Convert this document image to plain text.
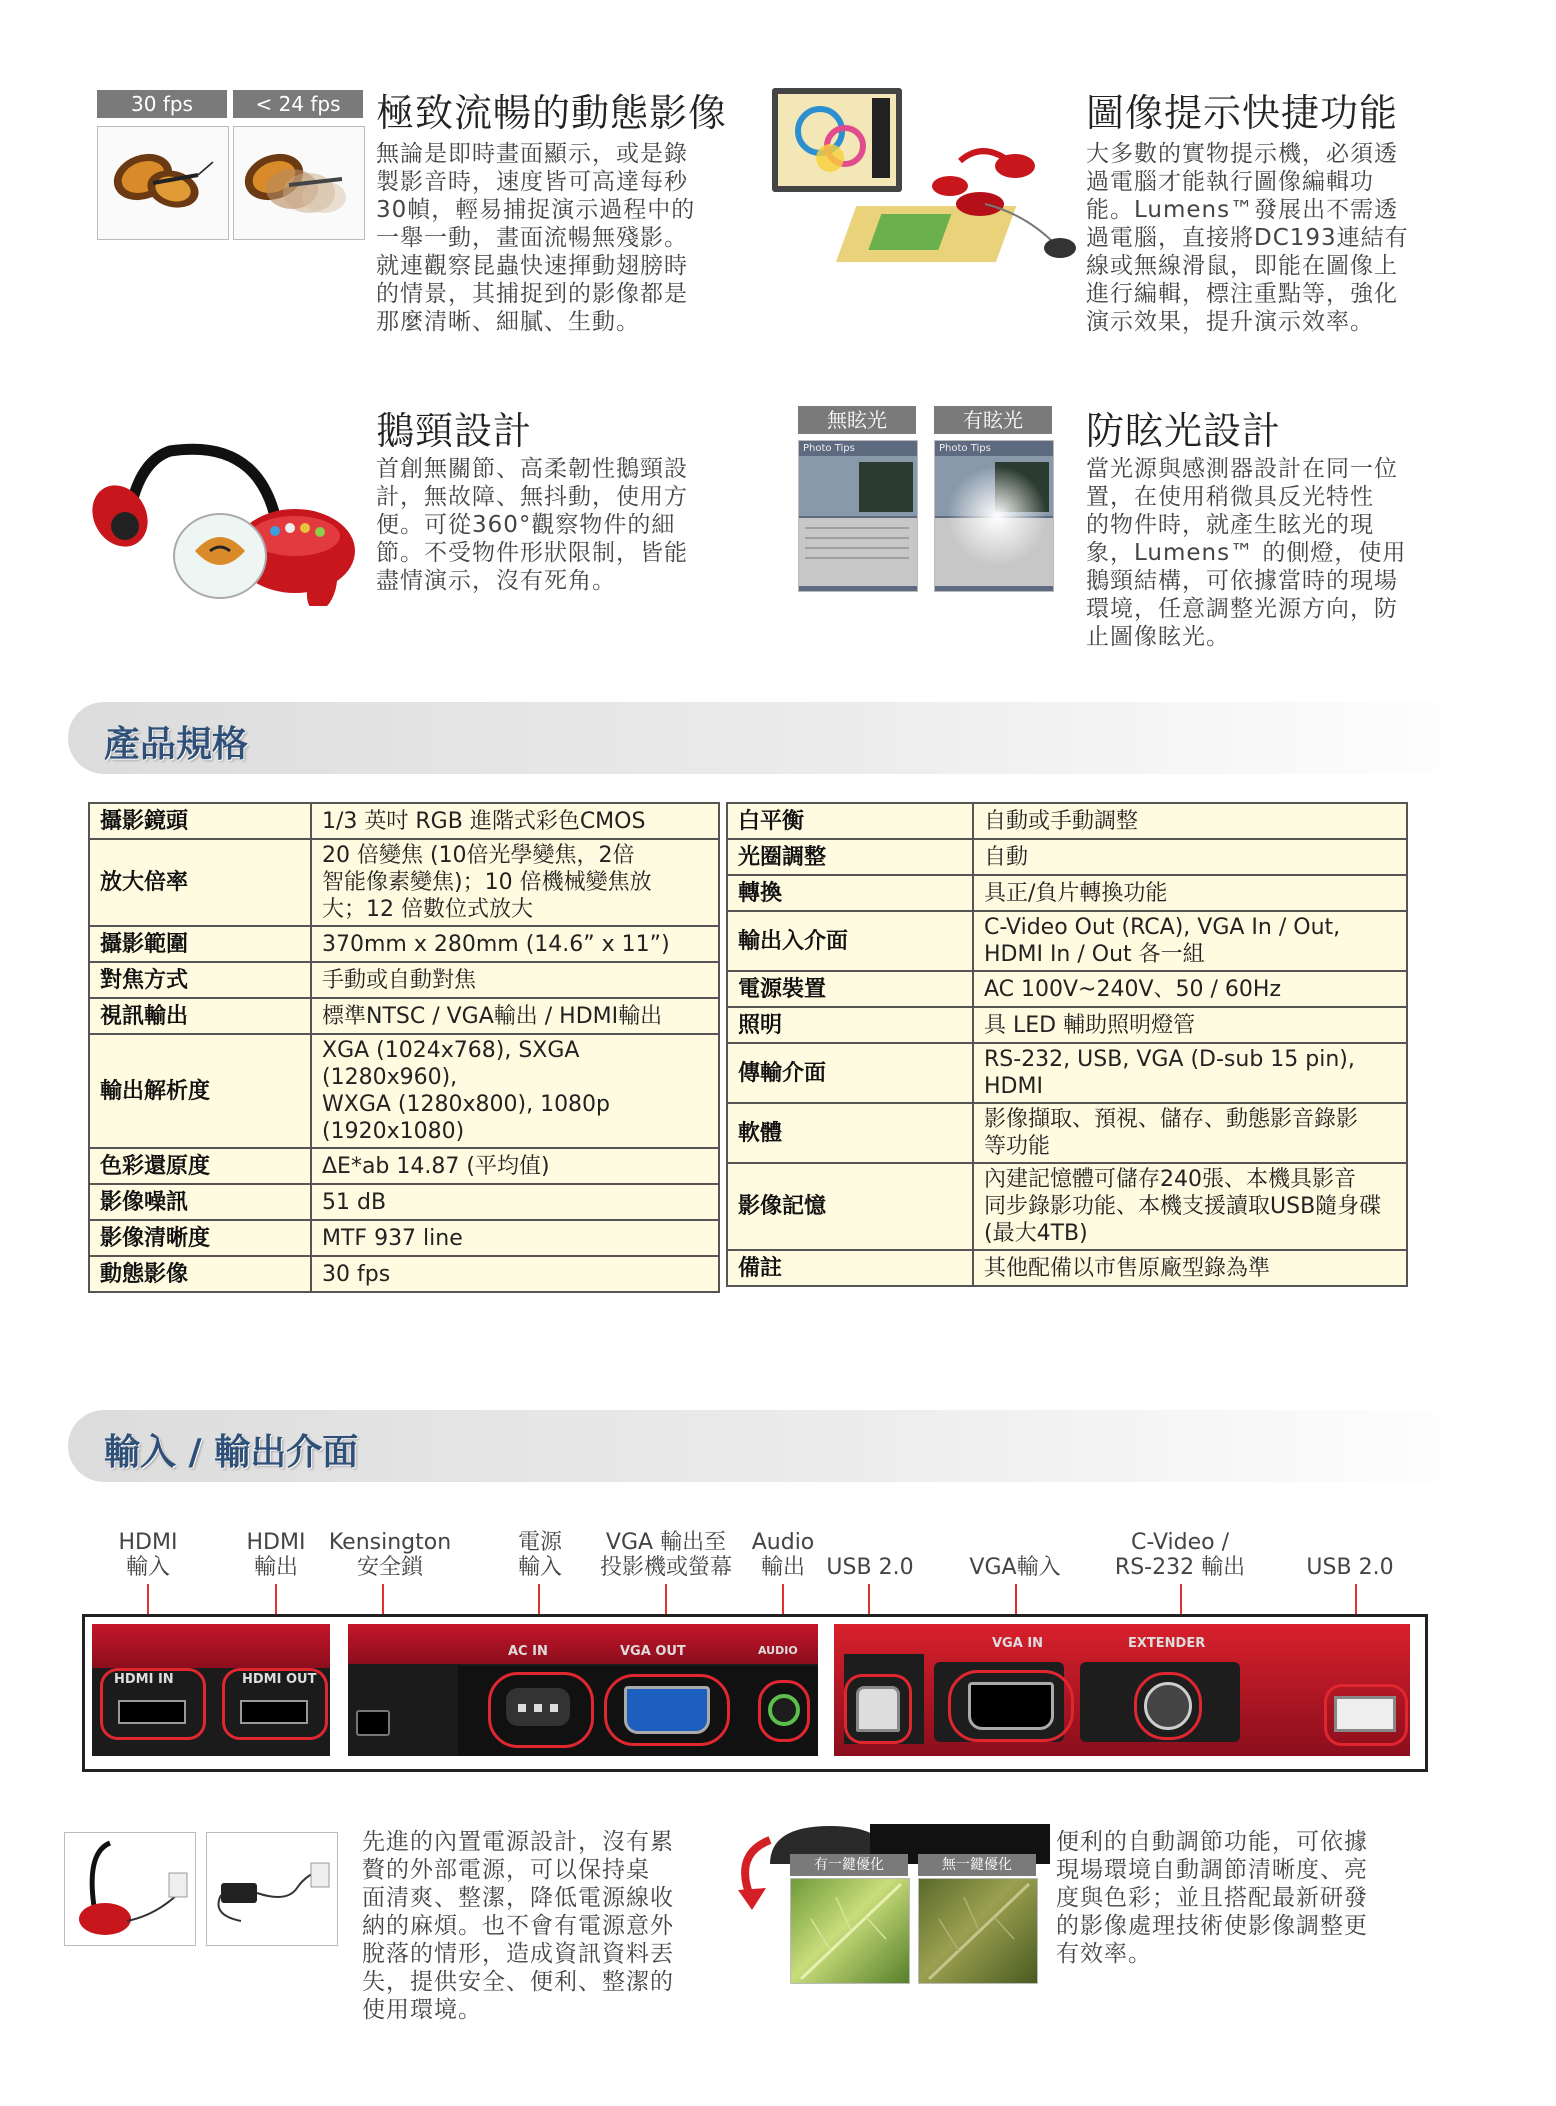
30 fps	< 24 fps 極致流暢的動態影像
無論是即時畫面顯示，或是錄
製影音時，速度皆可高達每秒
30幀，輕易捕捉演示過程中的
一舉一動，畫面流暢無殘影。
就連觀察昆蟲快速揮動翅膀時
的情景，其捕捉到的影像都是
那麼清晰、細膩、生動。
圖像提示快捷功能
大多數的實物提示機，必須透
過電腦才能執行圖像編輯功
能。Lumens™發展出不需透
過電腦，直接將DC193連結有
線或無線滑鼠，即能在圖像上
進行編輯，標注重點等，強化
演示效果，提升演示效率。
鵝頸設計
首創無關節、高柔韌性鵝頸設
計，無故障、無抖動，使用方
便。可從360°觀察物件的細
節。不受物件形狀限制，皆能
盡情演示，沒有死角。
無眩光	有眩光
Photo Tips	Photo Tips	防眩光設計
當光源與感測器設計在同一位
置，在使用稍微具反光特性
的物件時，就產生眩光的現
象，Lumens™ 的側燈，使用
鵝頸結構，可依據當時的現場
環境，任意調整光源方向，防
止圖像眩光。
產品規格
攝影鏡頭	1/3 英吋 RGB 進階式彩色CMOS
放大倍率	20 倍變焦 (10倍光學變焦，2倍
智能像素變焦)；10 倍機械變焦放
大；12 倍數位式放大
攝影範圍	370mm x 280mm (14.6” x 11”)
對焦方式	手動或自動對焦
視訊輸出	標準NTSC / VGA輸出 / HDMI輸出
輸出解析度	XGA (1024x768), SXGA (1280x960),
WXGA (1280x800), 1080p (1920x1080)
色彩還原度	ΔE*ab 14.87 (平均值)
影像噪訊	51 dB
影像清晰度	MTF 937 line
動態影像	30 fps
白平衡	自動或手動調整
光圈調整	自動
轉換	具正/負片轉換功能
輸出入介面	C-Video Out (RCA), VGA In / Out,
HDMI In / Out 各一組
電源裝置	AC 100V~240V、50 / 60Hz
照明	具 LED 輔助照明燈管
傳輸介面	RS-232, USB, VGA (D-sub 15 pin),
HDMI
軟體	影像擷取、預視、儲存、動態影音錄影
等功能
影像記憶	內建記憶體可儲存240張、本機具影音
同步錄影功能、本機支援讀取USB隨身碟
(最大4TB)
備註	其他配備以市售原廠型錄為準
輸入 / 輸出介面
HDMI
輸入
HDMI
輸出
Kensington
安全鎖
電源
輸入
VGA 輸出至
投影機或螢幕
Audio
輸出 USB 2.0	VGA輸入
C-Video /
RS-232 輸出	USB 2.0
HDMI IN	HDMI OUT
AC IN	VGA OUT	AUDIO	VGA IN	EXTENDER
先進的內置電源設計，沒有累
贅的外部電源，可以保持桌
面清爽、整潔，降低電源線收
納的麻煩。也不會有電源意外
脫落的情形，造成資訊資料丟
失，提供安全、便利、整潔的
使用環境。
有一鍵優化	無一鍵優化
便利的自動調節功能，可依據
現場環境自動調節清晰度、亮
度與色彩；並且搭配最新研發
的影像處理技術使影像調整更
有效率。
